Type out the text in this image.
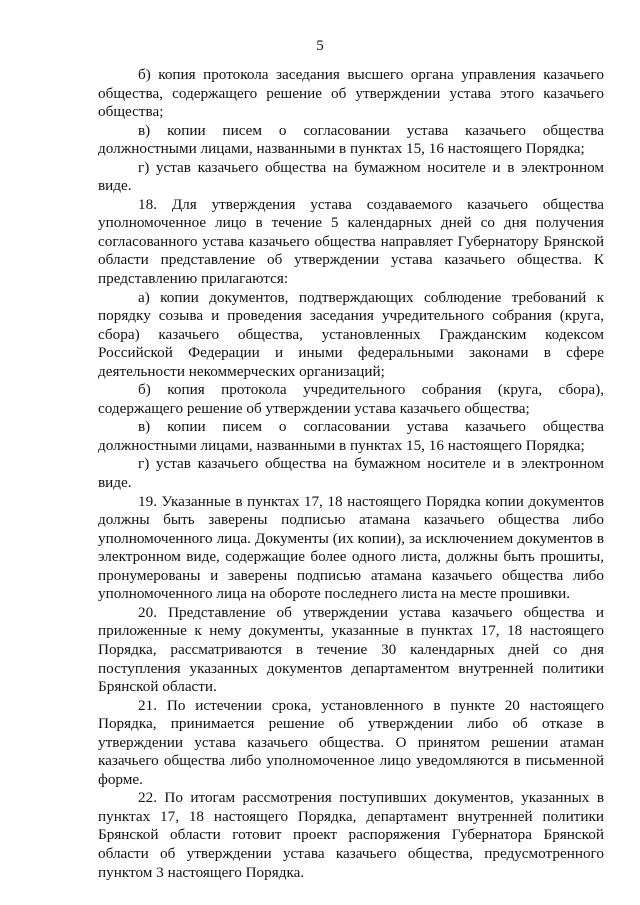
5

б) копия протокола заседания высшего органа управления казачьего общества, содержащего решение об утверждении устава этого казачьего общества;

в) копии писем о согласовании устава казачьего общества должностными лицами, названными в пунктах 15, 16 настоящего Порядка;

г) устав казачьего общества на бумажном носителе и в электронном виде.

18. Для утверждения устава создаваемого казачьего общества уполномоченное лицо в течение 5 календарных дней со дня получения согласованного устава казачьего общества направляет Губернатору Брянской области представление об утверждении устава казачьего общества. К представлению прилагаются:

а) копии документов, подтверждающих соблюдение требований к порядку созыва и проведения заседания учредительного собрания (круга, сбора) казачьего общества, установленных Гражданским кодексом Российской Федерации и иными федеральными законами в сфере деятельности некоммерческих организаций;

б) копия протокола учредительного собрания (круга, сбора), содержащего решение об утверждении устава казачьего общества;

в) копии писем о согласовании устава казачьего общества должностными лицами, названными в пунктах 15, 16 настоящего Порядка;

г) устав казачьего общества на бумажном носителе и в электронном виде.

19. Указанные в пунктах 17, 18 настоящего Порядка копии документов должны быть заверены подписью атамана казачьего общества либо уполномоченного лица. Документы (их копии), за исключением документов в электронном виде, содержащие более одного листа, должны быть прошиты, пронумерованы и заверены подписью атамана казачьего общества либо уполномоченного лица на обороте последнего листа на месте прошивки.

20. Представление об утверждении устава казачьего общества и приложенные к нему документы, указанные в пунктах 17, 18 настоящего Порядка, рассматриваются в течение 30 календарных дней со дня поступления указанных документов департаментом внутренней политики Брянской области.

21. По истечении срока, установленного в пункте 20 настоящего Порядка, принимается решение об утверждении либо об отказе в утверждении устава казачьего общества. О принятом решении атаман казачьего общества либо уполномоченное лицо уведомляются в письменной форме.

22. По итогам рассмотрения поступивших документов, указанных в пунктах 17, 18 настоящего Порядка, департамент внутренней политики Брянской области готовит проект распоряжения Губернатора Брянской области об утверждении устава казачьего общества, предусмотренного пунктом 3 настоящего Порядка.
